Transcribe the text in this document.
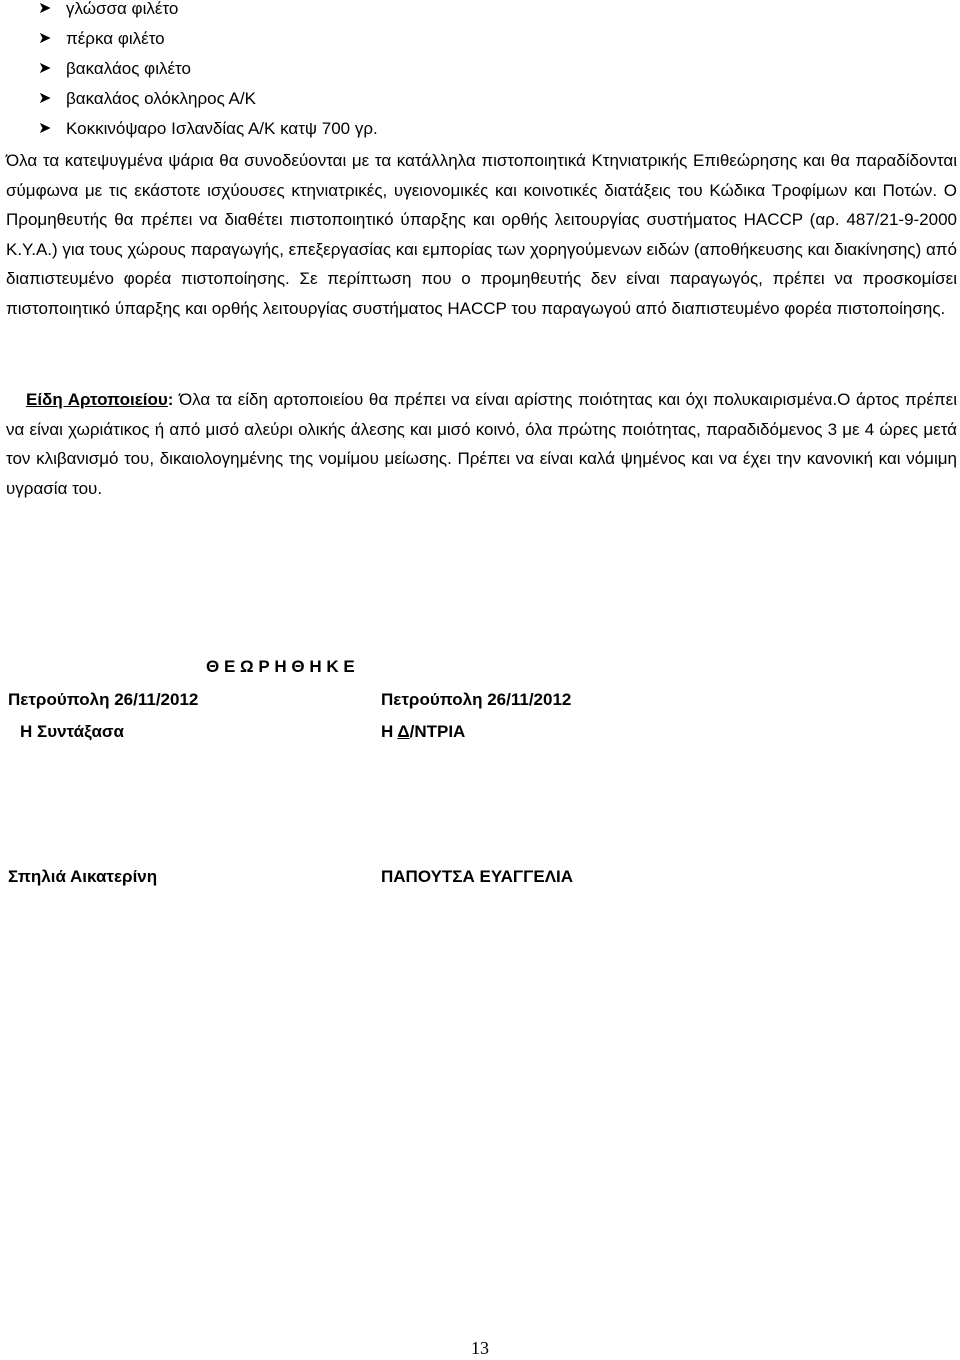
➤ γλώσσα φιλέτο
➤ πέρκα φιλέτο
➤ βακαλάος φιλέτο
➤ βακαλάος ολόκληρος Α/Κ
➤ Κοκκινόψαρο Ισλανδίας Α/Κ κατψ 700 γρ.

Όλα τα κατεψυγμένα ψάρια θα συνοδεύονται με τα κατάλληλα πιστοποιητικά Κτηνιατρικής Επιθεώρησης και θα παραδίδονται σύμφωνα με τις εκάστοτε ισχύουσες κτηνιατρικές, υγειονομικές και κοινοτικές διατάξεις του Κώδικα Τροφίμων και Ποτών. Ο Προμηθευτής θα πρέπει να διαθέτει πιστοποιητικό ύπαρξης και ορθής λειτουργίας συστήματος HACCP (αρ. 487/21-9-2000 Κ.Υ.Α.) για τους χώρους παραγωγής, επεξεργασίας και εμπορίας των χορηγούμενων ειδών (αποθήκευσης και διακίνησης) από διαπιστευμένο φορέα πιστοποίησης. Σε περίπτωση που ο προμηθευτής δεν είναι παραγωγός, πρέπει να προσκομίσει πιστοποιητικό ύπαρξης και ορθής λειτουργίας συστήματος HACCP του παραγωγού από διαπιστευμένο φορέα πιστοποίησης.

Είδη Αρτοποιείου: Όλα τα είδη αρτοποιείου θα πρέπει να είναι αρίστης ποιότητας και όχι πολυκαιρισμένα.Ο άρτος πρέπει να είναι χωριάτικος ή από μισό αλεύρι ολικής άλεσης και μισό κοινό, όλα πρώτης ποιότητας, παραδιδόμενος 3 με 4 ώρες μετά τον κλιβανισμό του, δικαιολογημένης της νομίμου μείωσης. Πρέπει να είναι καλά ψημένος και να έχει την κανονική και νόμιμη υγρασία του.

Θ Ε Ω Ρ Η Θ Η Κ Ε

Πετρούπολη 26/11/2012
Η Συντάξασα
Σπηλιά Αικατερίνη
Πετρούπολη 26/11/2012
Η Δ/ΝΤΡΙΑ
ΠΑΠΟΥΤΣΑ ΕΥΑΓΓΕΛΙΑ
13
